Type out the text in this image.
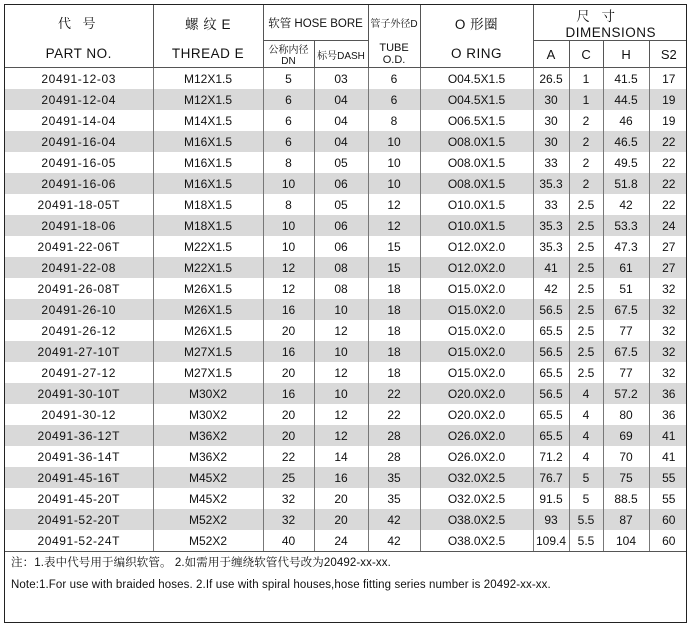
代 号	螺 纹 E	软管 HOSE BORE		管子外径D	O 形圈	尺 寸  DIMENSIONS			
PART NO.	THREAD E	公称内径DN	标号DASH	TUBE O.D.	O RING	A	C	H	S2
20491-12-03	M12X1.5	5	03	6	O04.5X1.5	26.5	1	41.5	17
20491-12-04	M12X1.5	6	04	6	O04.5X1.5	30	1	44.5	19
20491-14-04	M14X1.5	6	04	8	O06.5X1.5	30	2	46	19
20491-16-04	M16X1.5	6	04	10	O08.0X1.5	30	2	46.5	22
20491-16-05	M16X1.5	8	05	10	O08.0X1.5	33	2	49.5	22
20491-16-06	M16X1.5	10	06	10	O08.0X1.5	35.3	2	51.8	22
20491-18-05T	M18X1.5	8	05	12	O10.0X1.5	33	2.5	42	22
20491-18-06	M18X1.5	10	06	12	O10.0X1.5	35.3	2.5	53.3	24
20491-22-06T	M22X1.5	10	06	15	O12.0X2.0	35.3	2.5	47.3	27
20491-22-08	M22X1.5	12	08	15	O12.0X2.0	41	2.5	61	27
20491-26-08T	M26X1.5	12	08	18	O15.0X2.0	42	2.5	51	32
20491-26-10	M26X1.5	16	10	18	O15.0X2.0	56.5	2.5	67.5	32
20491-26-12	M26X1.5	20	12	18	O15.0X2.0	65.5	2.5	77	32
20491-27-10T	M27X1.5	16	10	18	O15.0X2.0	56.5	2.5	67.5	32
20491-27-12	M27X1.5	20	12	18	O15.0X2.0	65.5	2.5	77	32
20491-30-10T	M30X2	16	10	22	O20.0X2.0	56.5	4	57.2	36
20491-30-12	M30X2	20	12	22	O20.0X2.0	65.5	4	80	36
20491-36-12T	M36X2	20	12	28	O26.0X2.0	65.5	4	69	41
20491-36-14T	M36X2	22	14	28	O26.0X2.0	71.2	4	70	41
20491-45-16T	M45X2	25	16	35	O32.0X2.5	76.7	5	75	55
20491-45-20T	M45X2	32	20	35	O32.0X2.5	91.5	5	88.5	55
20491-52-20T	M52X2	32	20	42	O38.0X2.5	93	5.5	87	60
20491-52-24T	M52X2	40	24	42	O38.0X2.5	109.4	5.5	104	60
注：1.表中代号用于编织软管。 2.如需用于缠绕软管代号改为20492-xx-xx.
Note:1.For use with braided hoses. 2.If use with spiral houses,hose fitting series number is 20492-xx-xx.
